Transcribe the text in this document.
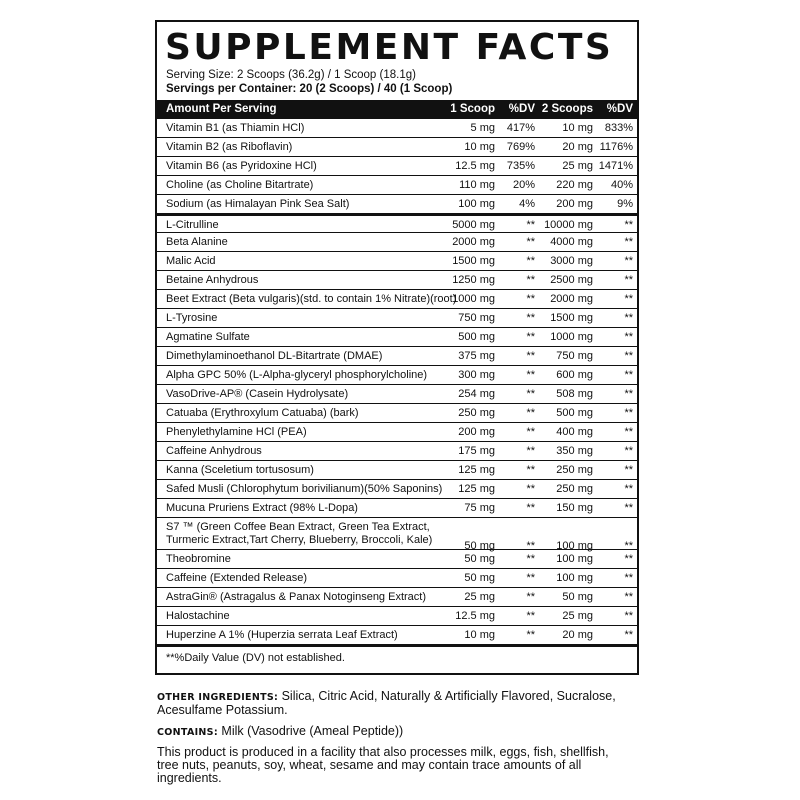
SUPPLEMENT FACTS
Serving Size: 2 Scoops (36.2g) / 1 Scoop (18.1g)
Servings per Container: 20 (2 Scoops) / 40 (1 Scoop)
Amount Per Serving	1 Scoop	%DV 2 Scoops	%DV
Vitamin B1 (as Thiamin HCl)	5 mg	417%	10 mg	833%
Vitamin B2 (as Riboflavin)	10 mg	769%	20 mg 1176%
Vitamin B6 (as Pyridoxine HCl)	12.5 mg	735%	25 mg 1471%
Choline (as Choline Bitartrate)	110 mg	20%	220 mg	40%
Sodium (as Himalayan Pink Sea Salt)	100 mg	4%	200 mg	9%
L-Citrulline	5000 mg	** 10000 mg	**
Beta Alanine	2000 mg	**	4000 mg	**
Malic Acid	1500 mg	**	3000 mg	**
Betaine Anhydrous	1250 mg	**	2500 mg	**
Beet Extract (Beta vulgaris)(std. to contain 1% Nitrate)(root)
1000 mg	**	2000 mg	**
L-Tyrosine	750 mg	**	1500 mg	**
Agmatine Sulfate	500 mg	**	1000 mg	**
Dimethylaminoethanol DL-Bitartrate (DMAE)	375 mg	**	750 mg	**
Alpha GPC 50% (L-Alpha-glyceryl phosphorylcholine)	300 mg	**	600 mg	**
VasoDrive-AP® (Casein Hydrolysate)	254 mg	**	508 mg	**
Catuaba (Erythroxylum Catuaba) (bark)	250 mg	**	500 mg	**
Phenylethylamine HCl (PEA)	200 mg	**	400 mg	**
Caffeine Anhydrous	175 mg	**	350 mg	**
Kanna (Sceletium tortusosum)	125 mg	**	250 mg	**
Safed Musli (Chlorophytum borivilianum)(50% Saponins)	125 mg	**	250 mg	**
Mucuna Pruriens Extract (98% L-Dopa)	75 mg	**	150 mg	**
S7 ™ (Green Coffee Bean Extract, Green Tea Extract,
Turmeric Extract,Tart Cherry, Blueberry, Broccoli, Kale)	50 mg	**	100 mg	**
Theobromine	50 mg	**	100 mg	**
Caffeine (Extended Release)	50 mg	**	100 mg	**
AstraGin® (Astragalus & Panax Notoginseng Extract)	25 mg	**	50 mg	**
Halostachine	12.5 mg	**	25 mg	**
Huperzine A 1% (Huperzia serrata Leaf Extract)	10 mg	**	20 mg	**
**%Daily Value (DV) not established.

OTHER INGREDIENTS: Silica, Citric Acid, Naturally & Artificially Flavored, Sucralose, Acesulfame Potassium.

CONTAINS: Milk (Vasodrive (Ameal Peptide))

This product is produced in a facility that also processes milk, eggs, fish, shellfish, tree nuts, peanuts, soy, wheat, sesame and may contain trace amounts of all ingredients.
